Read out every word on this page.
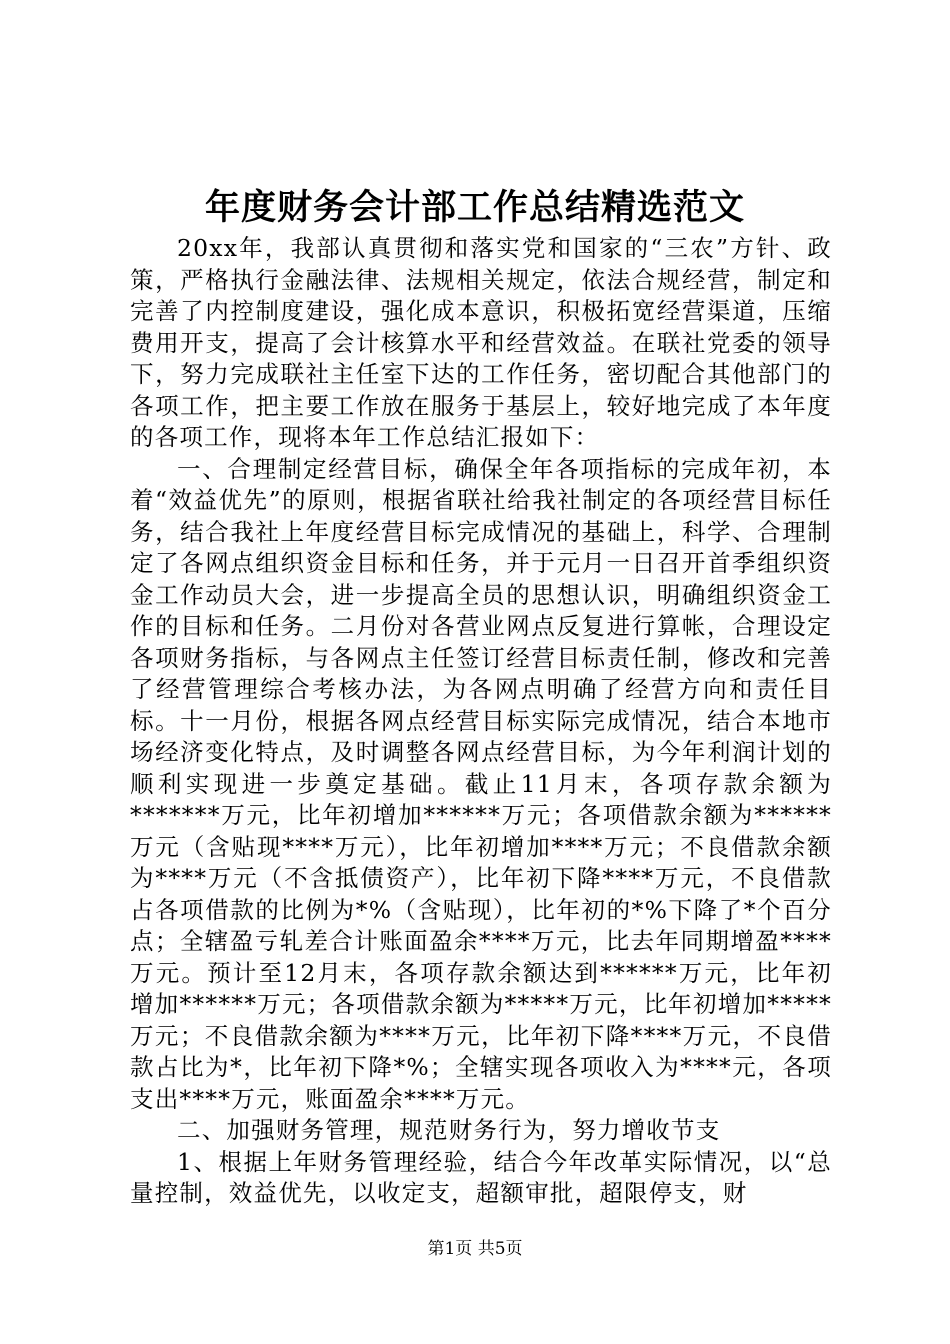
年度财务会计部工作总结精选范文

20xx年，我部认真贯彻和落实党和国家的“三农”方针、政策，严格执行金融法律、法规相关规定，依法合规经营，制定和完善了内控制度建设，强化成本意识，积极拓宽经营渠道，压缩费用开支，提高了会计核算水平和经营效益。在联社党委的领导下，努力完成联社主任室下达的工作任务，密切配合其他部门的各项工作，把主要工作放在服务于基层上，较好地完成了本年度的各项工作，现将本年工作总结汇报如下：

一、合理制定经营目标，确保全年各项指标的完成年初，本着“效益优先”的原则，根据省联社给我社制定的各项经营目标任务，结合我社上年度经营目标完成情况的基础上，科学、合理制定了各网点组织资金目标和任务，并于元月一日召开首季组织资金工作动员大会，进一步提高全员的思想认识，明确组织资金工作的目标和任务。二月份对各营业网点反复进行算帐，合理设定各项财务指标，与各网点主任签订经营目标责任制，修改和完善了经营管理综合考核办法，为各网点明确了经营方向和责任目标。十一月份，根据各网点经营目标实际完成情况，结合本地市场经济变化特点，及时调整各网点经营目标，为今年利润计划的顺利实现进一步奠定基础。截止11月末，各项存款余额为*******万元，比年初增加******万元；各项借款余额为******万元（含贴现****万元），比年初增加****万元；不良借款余额为****万元（不含抵债资产），比年初下降****万元，不良借款占各项借款的比例为*%（含贴现），比年初的*%下降了*个百分点；全辖盈亏轧差合计账面盈余****万元，比去年同期增盈****万元。预计至12月末，各项存款余额达到******万元，比年初增加******万元；各项借款余额为*****万元，比年初增加*****万元；不良借款余额为****万元，比年初下降****万元，不良借款占比为*，比年初下降*%；全辖实现各项收入为****元，各项支出****万元，账面盈余****万元。

二、加强财务管理，规范财务行为，努力增收节支

1、根据上年财务管理经验，结合今年改革实际情况，以“总量控制，效益优先，以收定支，超额审批，超限停支，财

第1页 共5页
